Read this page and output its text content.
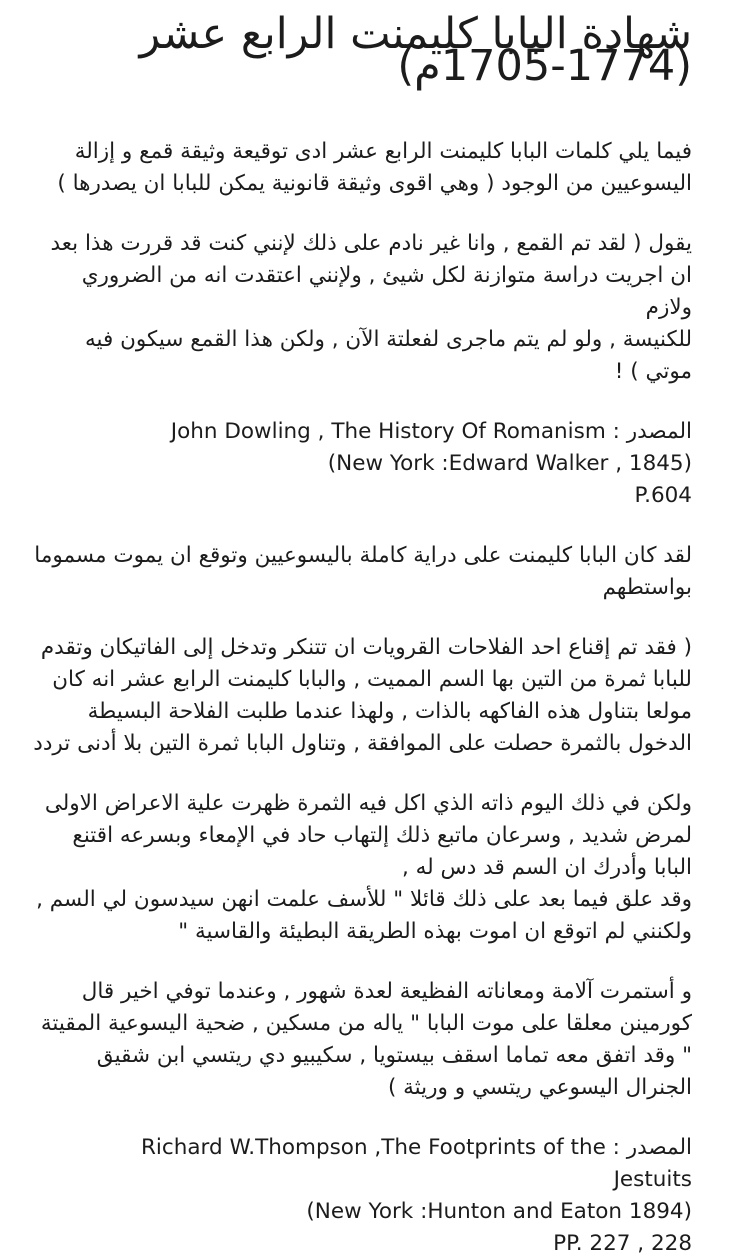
شهادة البابا كليمنت الرابع عشر (1774-1705م)

فيما يلي كلمات البابا كليمنت الرابع عشر ادى توقيعة وثيقة قمع و إزالة
اليسوعيين من الوجود ( وهي اقوى وثيقة قانونية يمكن للبابا ان يصدرها )

يقول ( لقد تم القمع , وانا غير نادم على ذلك لإنني كنت قد قررت هذا بعد
ان اجريت دراسة متوازنة لكل شيئ , ولإنني اعتقدت انه من الضروري ولازم
للكنيسة , ولو لم يتم ماجرى لفعلتة الآن , ولكن هذا القمع سيكون فيه
موتي ) !

المصدر : John Dowling , The History Of Romanism
(New York :Edward Walker , 1845)
P.604

لقد كان البابا كليمنت على دراية كاملة باليسوعيين وتوقع ان يموت مسموما
بواستطهم

( فقد تم إقناع احد الفلاحات القرويات ان تتنكر وتدخل إلى الفاتيكان وتقدم
للبابا ثمرة من التين بها السم المميت , والبابا كليمنت الرابع عشر انه كان
مولعا بتناول هذه الفاكهه بالذات , ولهذا عندما طلبت الفلاحة البسيطة
الدخول بالثمرة حصلت على الموافقة , وتناول البابا ثمرة التين بلا أدنى تردد

ولكن في ذلك اليوم ذاته الذي اكل فيه الثمرة ظهرت علية الاعراض الاولى
لمرض شديد , وسرعان ماتبع ذلك إلتهاب حاد في الإمعاء وبسرعه اقتنع
البابا وأدرك ان السم قد دس له ,
وقد علق فيما بعد على ذلك قائلا " للأسف علمت انهن سيدسون لي السم ,
ولكنني لم اتوقع ان اموت بهذه الطريقة البطيئة والقاسية "

و أستمرت آلامة ومعاناته الفظيعة لعدة شهور , وعندما توفي اخير قال
كورمينن معلقا على موت البابا " ياله من مسكين , ضحية اليسوعية المقيتة
" وقد اتفق معه تماما اسقف بيستويا , سكيبيو دي ريتسي ابن شقيق
الجنرال اليسوعي ريتسي و وريثة )

المصدر : Richard W.Thompson ,The Footprints of the
Jestuits
(New York :Hunton and Eaton 1894)
PP. 227 , 228
